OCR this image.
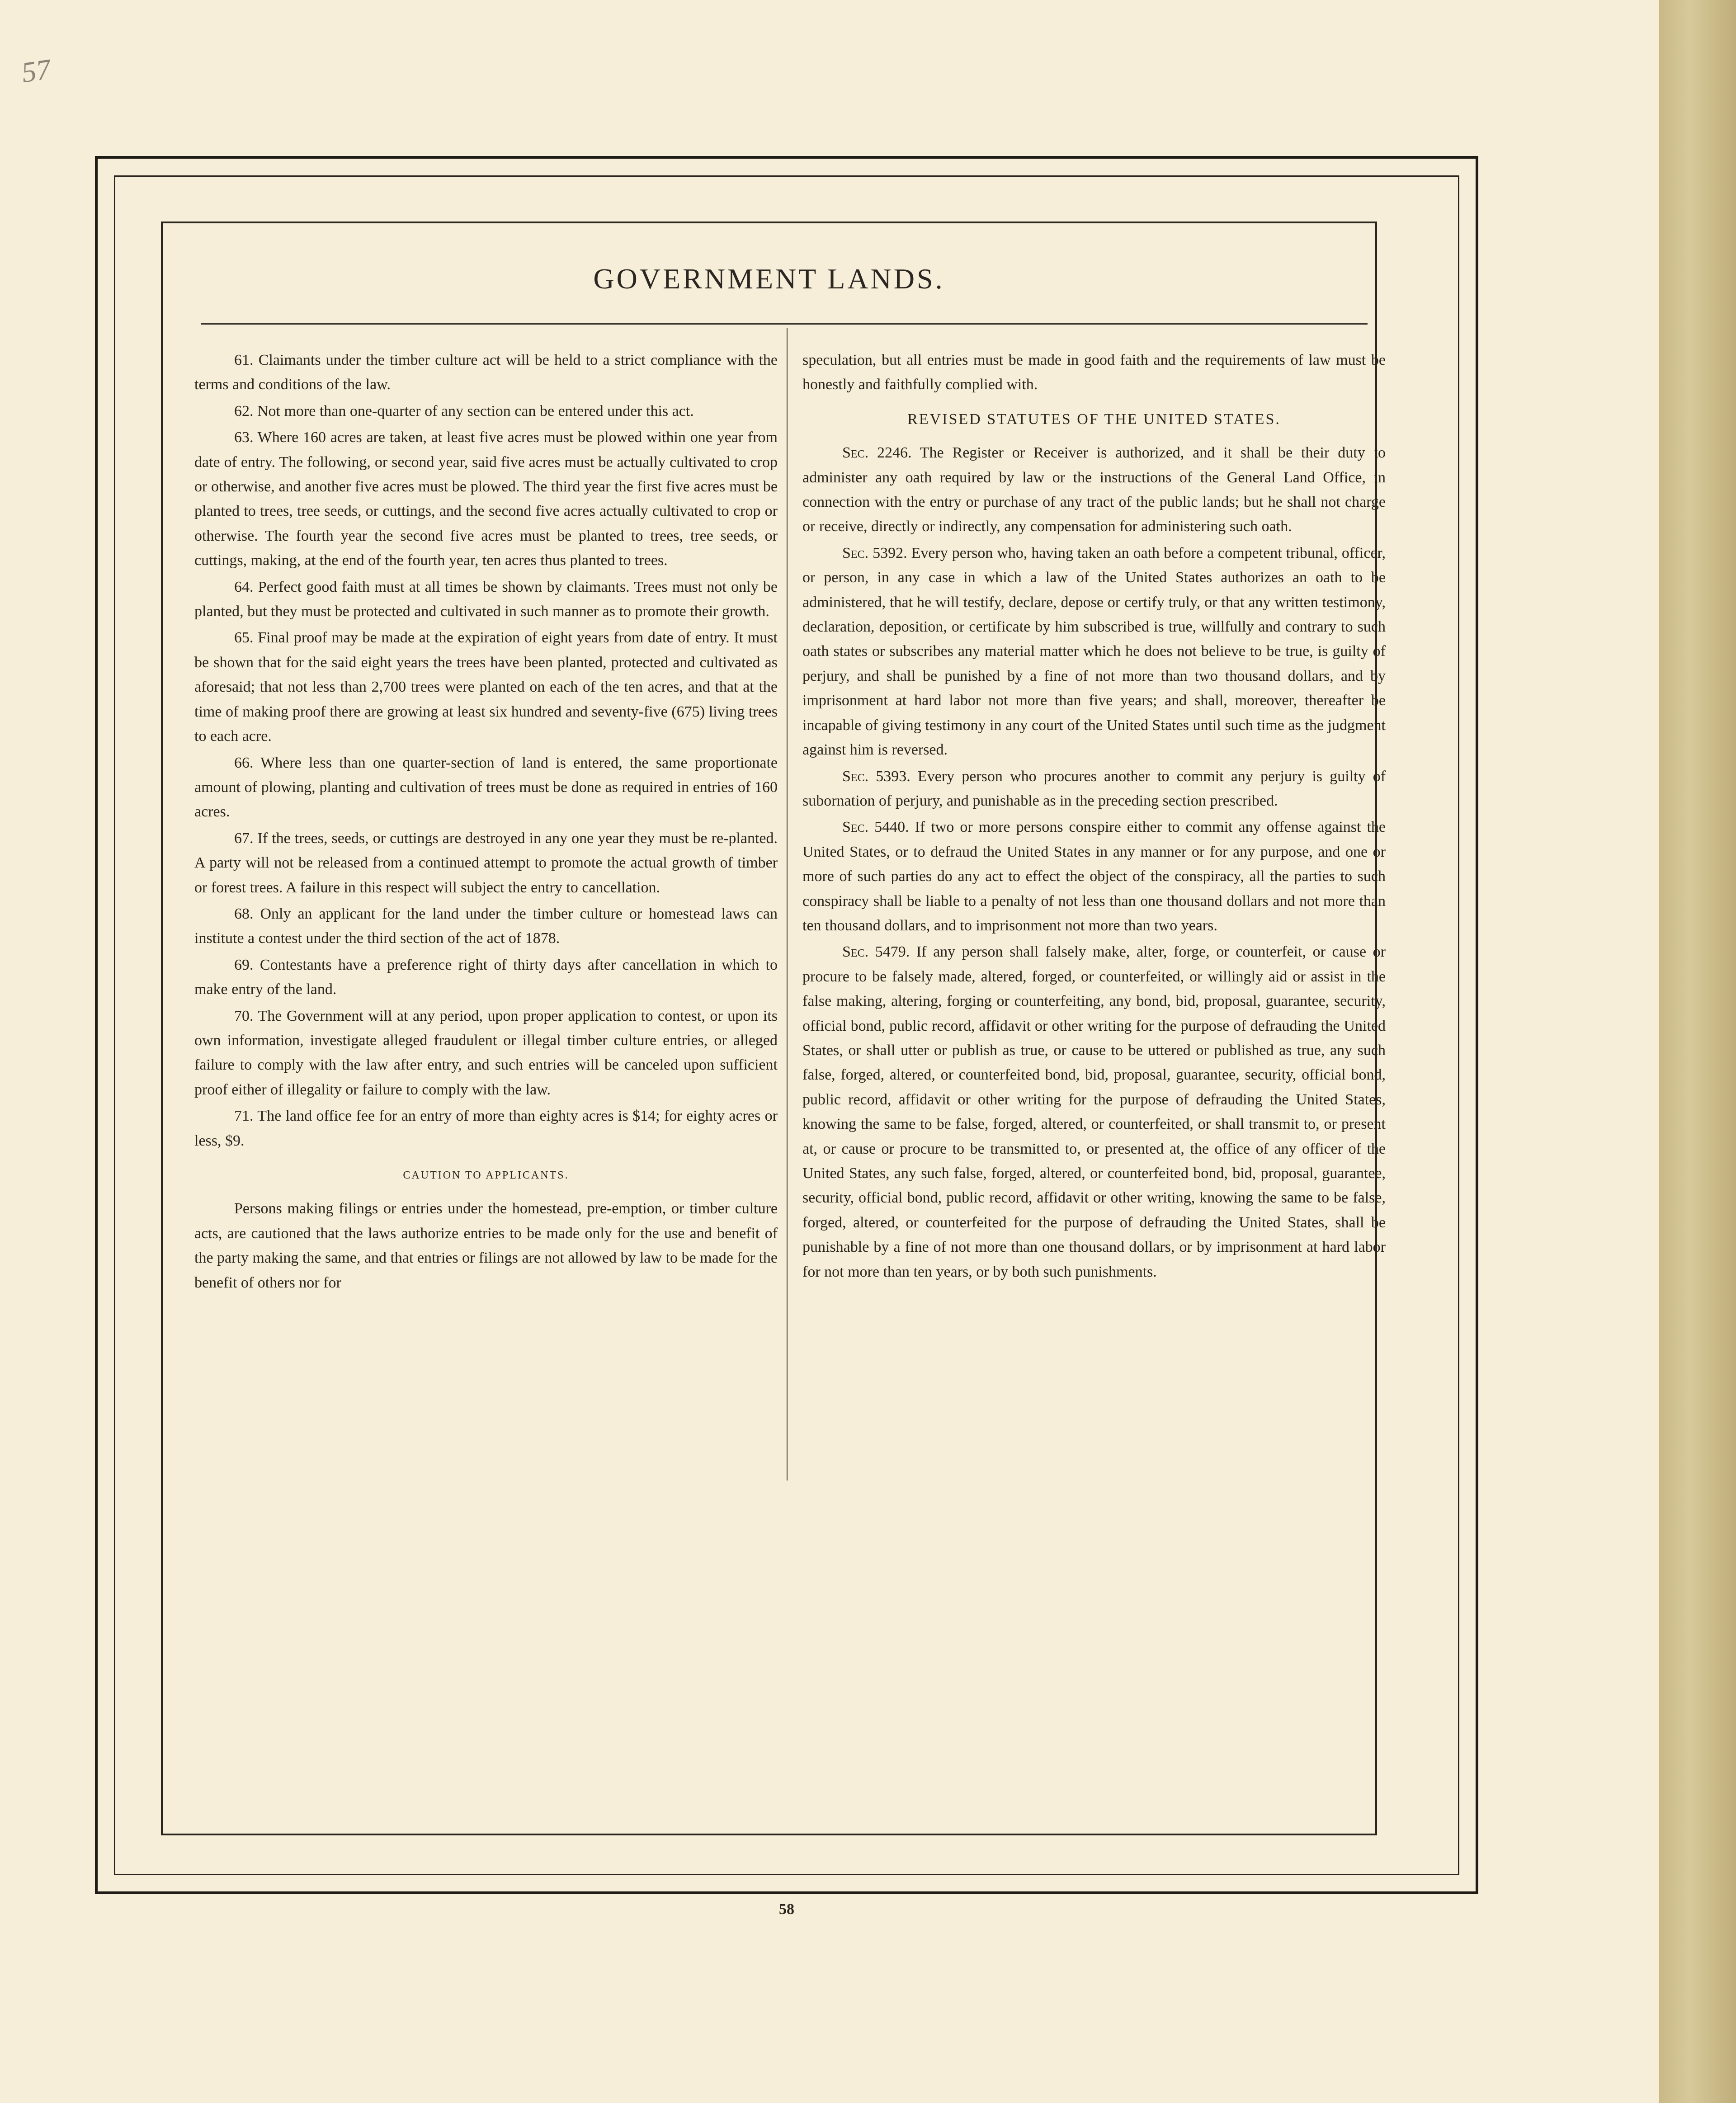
57
GOVERNMENT LANDS.

61. Claimants under the timber culture act will be held to a strict compliance with the terms and conditions of the law.

62. Not more than one-quarter of any section can be entered under this act.

63. Where 160 acres are taken, at least five acres must be plowed within one year from date of entry. The following, or second year, said five acres must be actually cultivated to crop or otherwise, and another five acres must be plowed. The third year the first five acres must be planted to trees, tree seeds, or cuttings, and the second five acres actually cultivated to crop or otherwise. The fourth year the second five acres must be planted to trees, tree seeds, or cuttings, making, at the end of the fourth year, ten acres thus planted to trees.

64. Perfect good faith must at all times be shown by claimants. Trees must not only be planted, but they must be protected and cultivated in such manner as to promote their growth.

65. Final proof may be made at the expiration of eight years from date of entry. It must be shown that for the said eight years the trees have been planted, protected and cultivated as aforesaid; that not less than 2,700 trees were planted on each of the ten acres, and that at the time of making proof there are growing at least six hundred and seventy-five (675) living trees to each acre.

66. Where less than one quarter-section of land is entered, the same proportionate amount of plowing, planting and cultivation of trees must be done as required in entries of 160 acres.

67. If the trees, seeds, or cuttings are destroyed in any one year they must be re-planted. A party will not be released from a continued attempt to promote the actual growth of timber or forest trees. A failure in this respect will subject the entry to cancellation.

68. Only an applicant for the land under the timber culture or homestead laws can institute a contest under the third section of the act of 1878.

69. Contestants have a preference right of thirty days after cancellation in which to make entry of the land.

70. The Government will at any period, upon proper application to contest, or upon its own information, investigate alleged fraudulent or illegal timber culture entries, or alleged failure to comply with the law after entry, and such entries will be canceled upon sufficient proof either of illegality or failure to comply with the law.

71. The land office fee for an entry of more than eighty acres is $14; for eighty acres or less, $9.

CAUTION TO APPLICANTS.

Persons making filings or entries under the homestead, pre-emption, or timber culture acts, are cautioned that the laws authorize entries to be made only for the use and benefit of the party making the same, and that entries or filings are not allowed by law to be made for the benefit of others nor for

speculation, but all entries must be made in good faith and the requirements of law must be honestly and faithfully complied with.

REVISED STATUTES OF THE UNITED STATES.

Sec. 2246. The Register or Receiver is authorized, and it shall be their duty to administer any oath required by law or the instructions of the General Land Office, in connection with the entry or purchase of any tract of the public lands; but he shall not charge or receive, directly or indirectly, any compensation for administering such oath.

Sec. 5392. Every person who, having taken an oath before a competent tribunal, officer, or person, in any case in which a law of the United States authorizes an oath to be administered, that he will testify, declare, depose or certify truly, or that any written testimony, declaration, deposition, or certificate by him subscribed is true, willfully and contrary to such oath states or subscribes any material matter which he does not believe to be true, is guilty of perjury, and shall be punished by a fine of not more than two thousand dollars, and by imprisonment at hard labor not more than five years; and shall, moreover, thereafter be incapable of giving testimony in any court of the United States until such time as the judgment against him is reversed.

Sec. 5393. Every person who procures another to commit any perjury is guilty of subornation of perjury, and punishable as in the preceding section prescribed.

Sec. 5440. If two or more persons conspire either to commit any offense against the United States, or to defraud the United States in any manner or for any purpose, and one or more of such parties do any act to effect the object of the conspiracy, all the parties to such conspiracy shall be liable to a penalty of not less than one thousand dollars and not more than ten thousand dollars, and to imprisonment not more than two years.

Sec. 5479. If any person shall falsely make, alter, forge, or counterfeit, or cause or procure to be falsely made, altered, forged, or counterfeited, or willingly aid or assist in the false making, altering, forging or counterfeiting, any bond, bid, proposal, guarantee, security, official bond, public record, affidavit or other writing for the purpose of defrauding the United States, or shall utter or publish as true, or cause to be uttered or published as true, any such false, forged, altered, or counterfeited bond, bid, proposal, guarantee, security, official bond, public record, affidavit or other writing for the purpose of defrauding the United States, knowing the same to be false, forged, altered, or counterfeited, or shall transmit to, or present at, or cause or procure to be transmitted to, or presented at, the office of any officer of the United States, any such false, forged, altered, or counterfeited bond, bid, proposal, guarantee, security, official bond, public record, affidavit or other writing, knowing the same to be false, forged, altered, or counterfeited for the purpose of defrauding the United States, shall be punishable by a fine of not more than one thousand dollars, or by imprisonment at hard labor for not more than ten years, or by both such punishments.

58
